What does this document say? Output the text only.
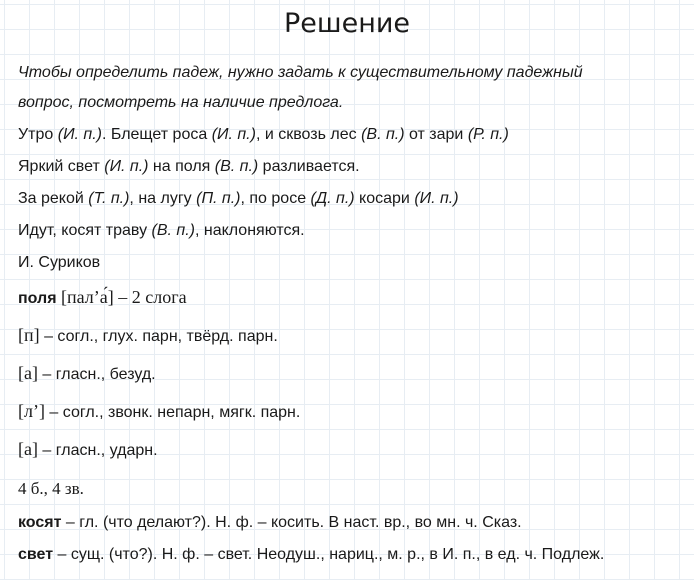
Решение
Чтобы определить падеж, нужно задать к существительному падежный
вопрос, посмотреть на наличие предлога.
Утро (И. п.). Блещет роса (И. п.), и сквозь лес (В. п.) от зари (Р. п.)
Яркий свет (И. п.) на поля (В. п.) разливается.
За рекой (Т. п.), на лугу (П. п.), по росе (Д. п.) косари (И. п.)
Идут, косят траву (В. п.), наклоняются.
И. Суриков
поля [пал’а́] – 2 слога
[п] – согл., глух. парн, твёрд. парн.
[а] – гласн., безуд.
[л’] – согл., звонк. непарн, мягк. парн.
[а] – гласн., ударн.
4 б., 4 зв.
косят – гл. (что делают?). Н. ф. – косить. В наст. вр., во мн. ч. Сказ.
свет – сущ. (что?). Н. ф. – свет. Неодуш., нариц., м. р., в И. п., в ед. ч. Подлеж.
